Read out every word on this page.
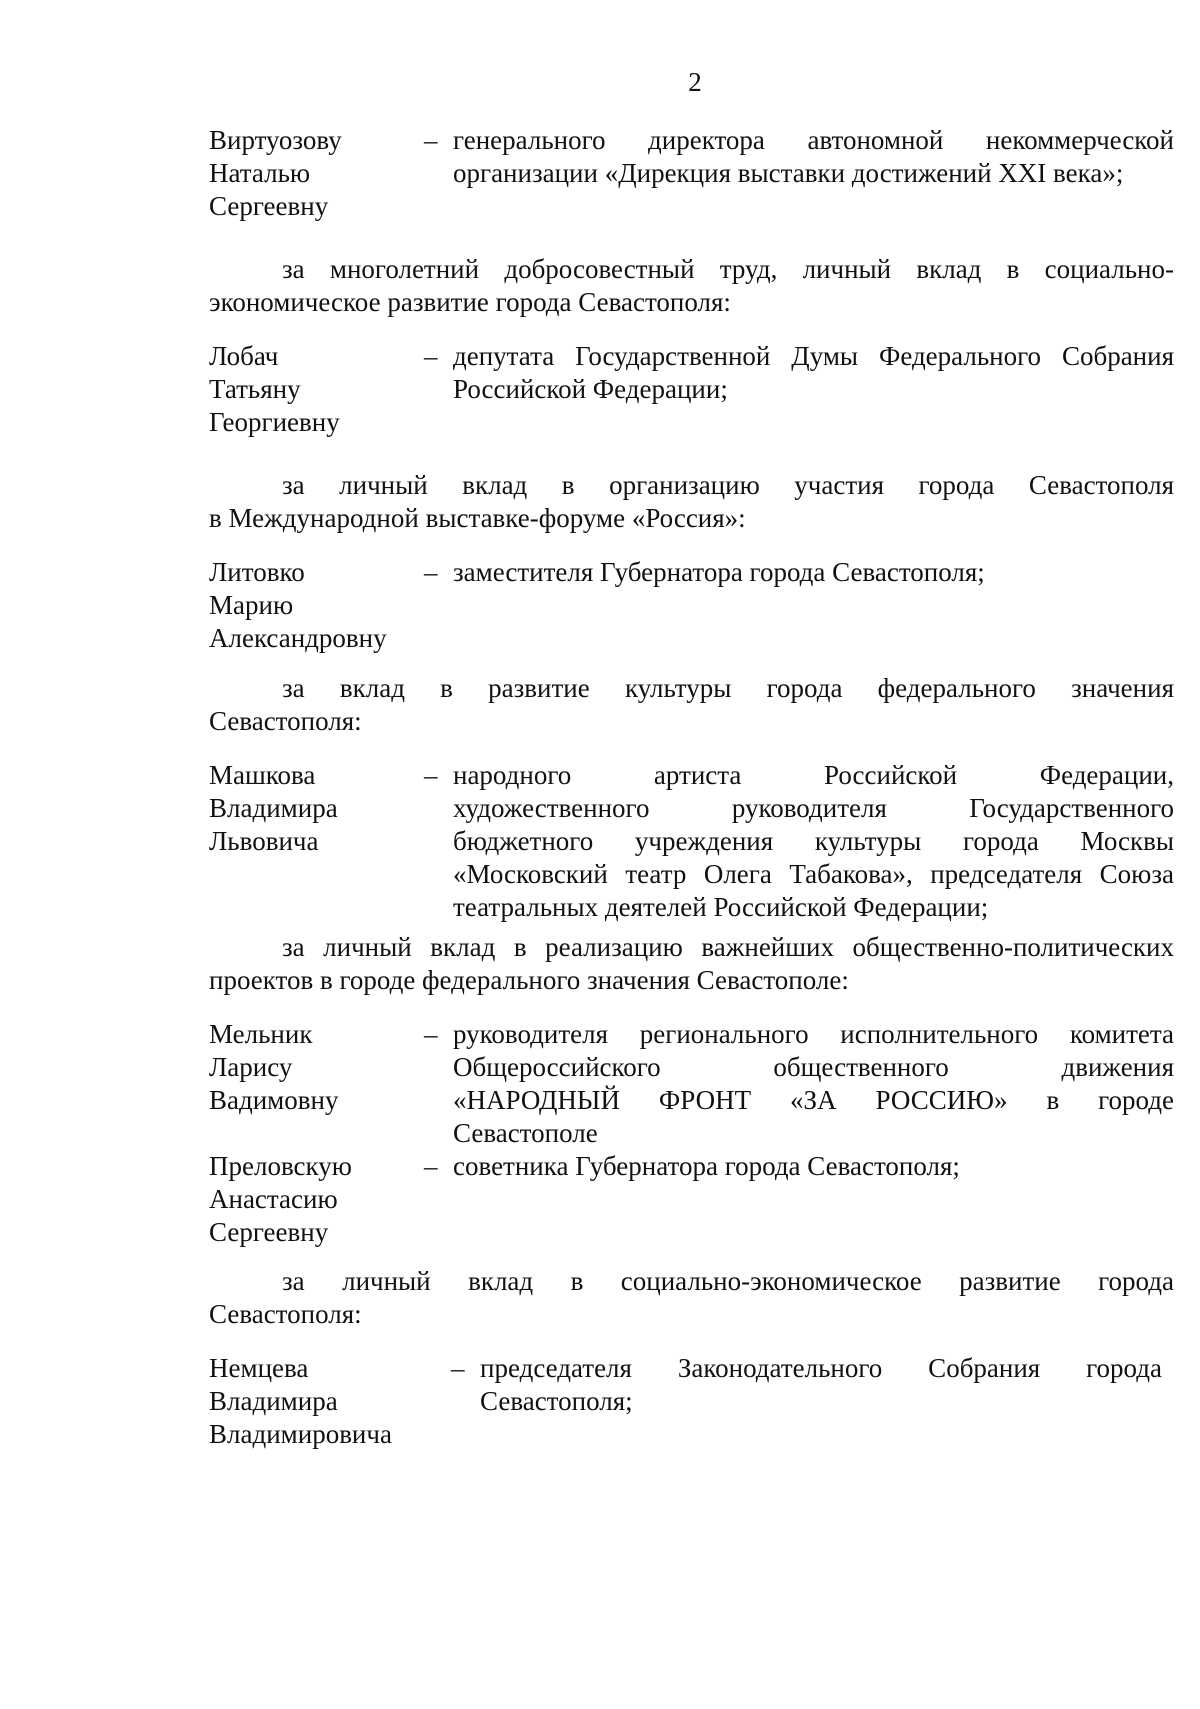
2
Виртуозову
Наталью
Сергеевну
– генерального директора автономной некоммерческой
организации «Дирекция выставки достижений XXI века»;
за многолетний добросовестный труд, личный вклад в социально-
экономическое развитие города Севастополя:
Лобач
Татьяну
Георгиевну
– депутата Государственной Думы Федерального Собрания
Российской Федерации;
за личный вклад в организацию участия города Севастополя
в Международной выставке-форуме «Россия»:
Литовко
Марию
Александровну
– заместителя Губернатора города Севастополя;
за вклад в развитие культуры города федерального значения
Севастополя:
Машкова
Владимира
Львовича
– народного артиста Российской Федерации,
художественного руководителя Государственного
бюджетного учреждения культуры города Москвы
«Московский театр Олега Табакова», председателя Союза
театральных деятелей Российской Федерации;
за личный вклад в реализацию важнейших общественно-политических
проектов в городе федерального значения Севастополе:
Мельник
Ларису
Вадимовну
– руководителя регионального исполнительного комитета
Общероссийского общественного движения
«НАРОДНЫЙ ФРОНТ «ЗА РОССИЮ» в городе
Севастополе
Преловскую
Анастасию
Сергеевну
– советника Губернатора города Севастополя;
за личный вклад в социально-экономическое развитие города
Севастополя:
Немцева
Владимира
Владимировича
– председателя Законодательного Собрания города
Севастополя;
